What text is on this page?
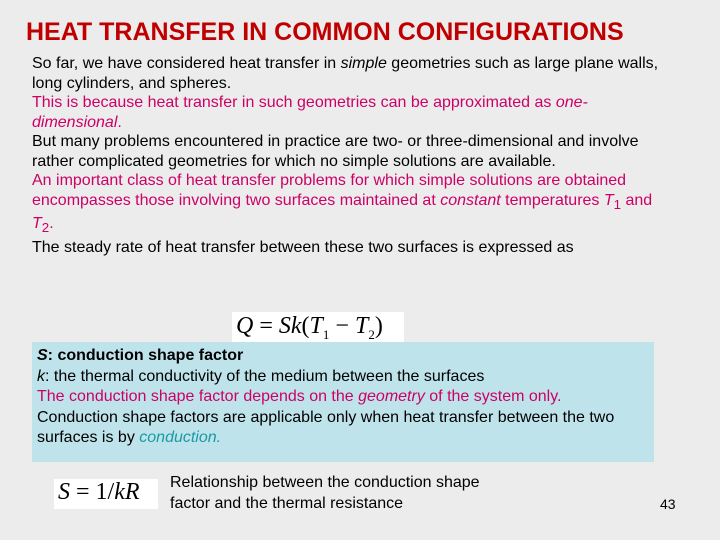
HEAT TRANSFER IN COMMON CONFIGURATIONS

So far, we have considered heat transfer in simple geometries such as large plane walls, long cylinders, and spheres.

This is because heat transfer in such geometries can be approximated as one-dimensional.

But many problems encountered in practice are two- or three-dimensional and involve rather complicated geometries for which no simple solutions are available.

An important class of heat transfer problems for which simple solutions are obtained encompasses those involving two surfaces maintained at constant temperatures $T_1$ and $T_2$.

The steady rate of heat transfer between these two surfaces is expressed as

$Q = Sk(T_1 - T_2)$

S: conduction shape factor

k: the thermal conductivity of the medium between the surfaces

The conduction shape factor depends on the geometry of the system only.

Conduction shape factors are applicable only when heat transfer between the two surfaces is by conduction.

S = 1/kR Relationship between the conduction shape factor and the thermal resistance	43
